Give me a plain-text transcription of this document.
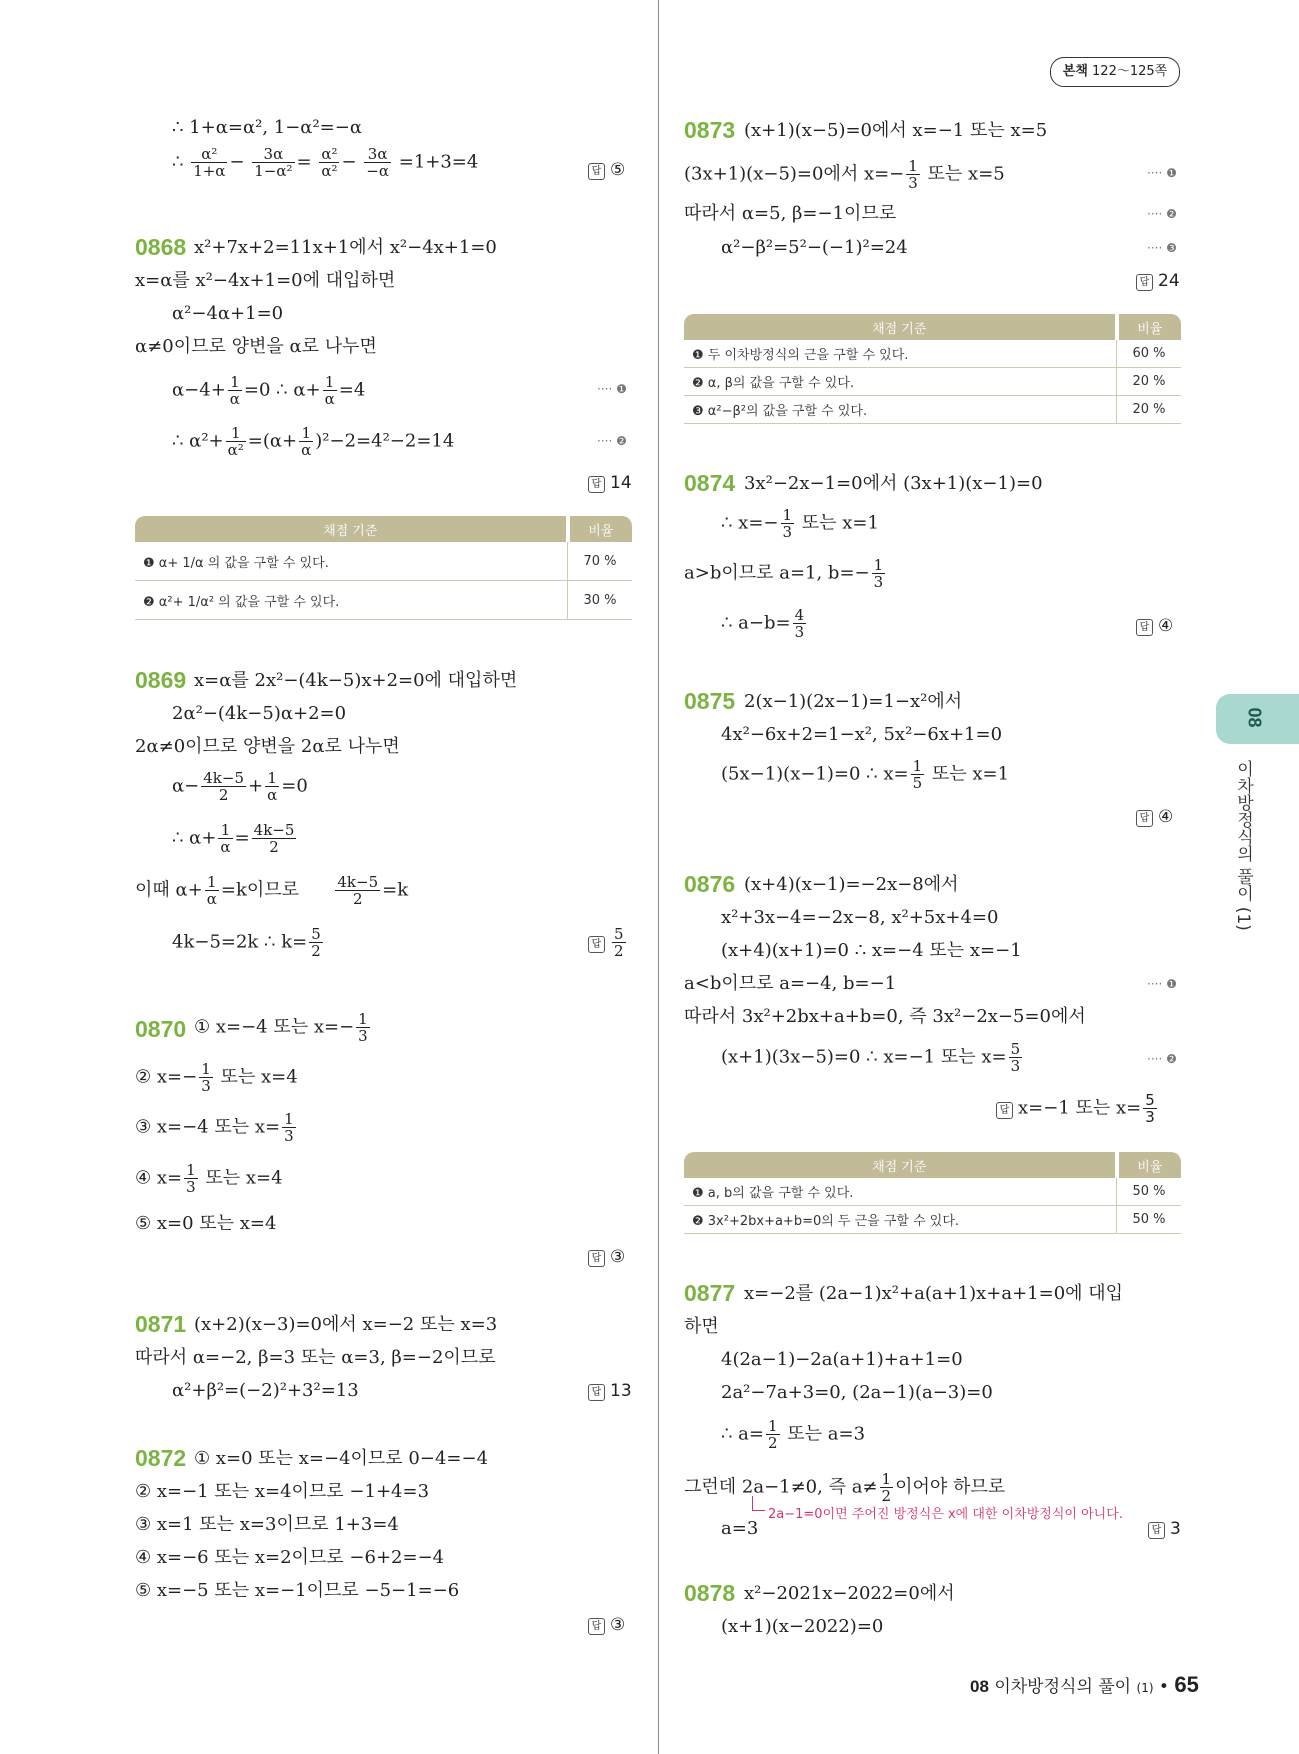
본책 122～125쪽
08
이차방정식의 풀이 (1)
∴ 1+α=α², 1−α²=−α
∴ $\frac{\text{α²}}{1+\alpha} - \frac{3\alpha}{\text{1−α²}} = \frac{\text{α²}}{\text{α²}} - \frac{3\alpha}{-\alpha} =1+3=4$	답 ⑤
0868 x²+7x+2=11x+1에서 x²−4x+1=0
x=α를 x²−4x+1=0에 대입하면
α²−4α+1=0
α≠0이므로 양변을 α로 나누면
$\alpha-4+ \frac{1}{\alpha} =0$ ∴ $\alpha+ \frac{1}{\alpha} =4$	···· ❶
∴ $\alpha^2+ \frac{1}{\text{α²}} =(\alpha+ \frac{1}{\alpha} )^2-2=4^2-2=14$	···· ❷
답 14
채점 기준	비율
❶ α+ 1/α 의 값을 구할 수 있다.	70 %
❷ α²+ 1/α² 의 값을 구할 수 있다.	30 %
0869 x=α를 2x²−(4k−5)x+2=0에 대입하면
2α²−(4k−5)α+2=0
2α≠0이므로 양변을 2α로 나누면
$\alpha- \frac{4k-5}{2} + \frac{1}{\alpha} =0$
∴ $\alpha+ \frac{1}{\alpha} = \frac{4k-5}{2}$
이때 $\alpha+ \frac{1}{\alpha} =k$이므로 $\frac{4k-5}{2} =k$
4k−5=2k ∴ $k= \frac{5}{2}$	답 $\frac{5}{2}$
0870 ① x=−4 또는 $x=- \frac{1}{3}$
② $x=- \frac{1}{3}$ 또는 x=4
③ x=−4 또는 $x= \frac{1}{3}$
④ $x= \frac{1}{3}$ 또는 x=4
⑤ x=0 또는 x=4
답 ③
0871 (x+2)(x−3)=0에서 x=−2 또는 x=3
따라서 α=−2, β=3 또는 α=3, β=−2이므로
α²+β²=(−2)²+3²=13	답 13
0872 ① x=0 또는 x=−4이므로 0−4=−4
② x=−1 또는 x=4이므로 −1+4=3
③ x=1 또는 x=3이므로 1+3=4
④ x=−6 또는 x=2이므로 −6+2=−4
⑤ x=−5 또는 x=−1이므로 −5−1=−6
답 ③
0873 (x+1)(x−5)=0에서 x=−1 또는 x=5
(3x+1)(x−5)=0에서 $x=- \frac{1}{3}$ 또는 x=5	···· ❶
따라서 α=5, β=−1이므로	···· ❷
α²−β²=5²−(−1)²=24	···· ❸
답 24
채점 기준	비율
❶ 두 이차방정식의 근을 구할 수 있다.	60 %
❷ α, β의 값을 구할 수 있다.	20 %
❸ α²−β²의 값을 구할 수 있다.	20 %
0874 3x²−2x−1=0에서 (3x+1)(x−1)=0
∴ $x=- \frac{1}{3}$ 또는 x=1
a>b이므로 a=1, $b=- \frac{1}{3}$
∴ $a-b= \frac{4}{3}$	답 ④
0875 2(x−1)(2x−1)=1−x²에서
4x²−6x+2=1−x², 5x²−6x+1=0
(5x−1)(x−1)=0 ∴ $x= \frac{1}{5}$ 또는 x=1
답 ④
0876 (x+4)(x−1)=−2x−8에서
x²+3x−4=−2x−8, x²+5x+4=0
(x+4)(x+1)=0 ∴ x=−4 또는 x=−1
a<b이므로 a=−4, b=−1	···· ❶
따라서 3x²+2bx+a+b=0, 즉 3x²−2x−5=0에서
(x+1)(3x−5)=0 ∴ x=−1 또는 $x= \frac{5}{3}$	···· ❷
답 x=−1 또는 $x= \frac{5}{3}$
채점 기준	비율
❶ a, b의 값을 구할 수 있다.	50 %
❷ 3x²+2bx+a+b=0의 두 근을 구할 수 있다.	50 %
0877 x=−2를 (2a−1)x²+a(a+1)x+a+1=0에 대입
하면
4(2a−1)−2a(a+1)+a+1=0
2a²−7a+3=0, (2a−1)(a−3)=0
∴ $a= \frac{1}{2}$ 또는 a=3
그런데 2a−1≠0, 즉 $a\ne \frac{1}{2}$ 이어야 하므로
2a−1=0이면 주어진 방정식은 x에 대한 이차방정식이 아니다.
a=3	답 3
0878 x²−2021x−2022=0에서
(x+1)(x−2022)=0
08 이차방정식의 풀이 (1) • 65
